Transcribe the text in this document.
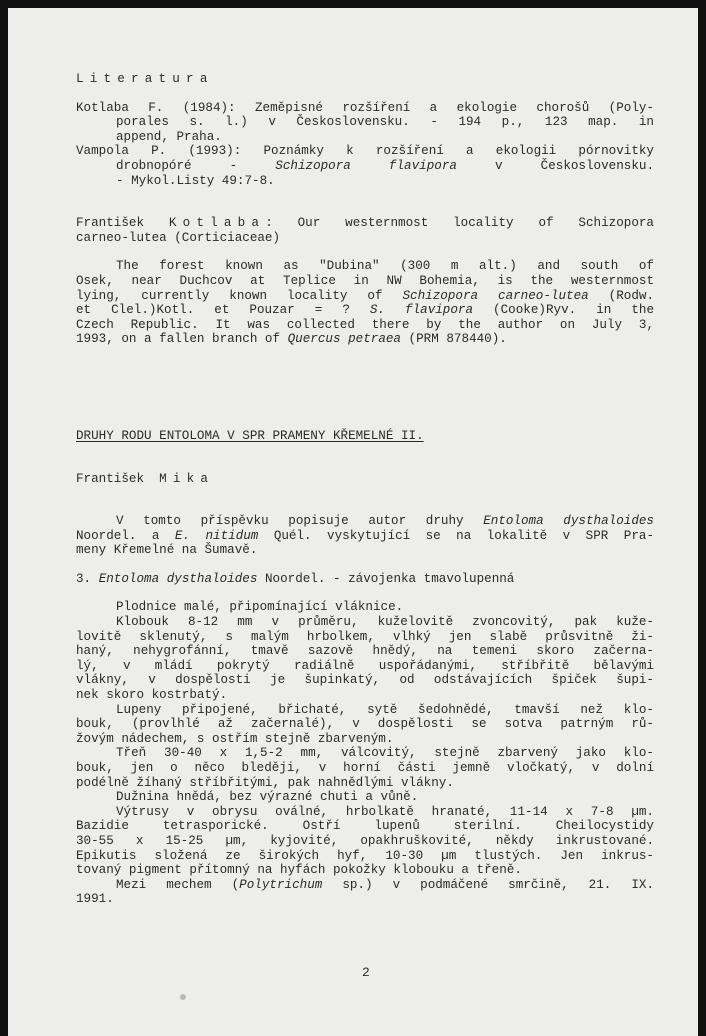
Literatura
Kotlaba F. (1984): Zeměpisné rozšíření a ekologie chorošů (Poly-
porales s. l.) v Československu. - 194 p., 123 map. in
append, Praha.
Vampola P. (1993): Poznámky k rozšíření a ekologii pórnovitky
drobnopóré - Schizopora flavipora v Československu.
- Mykol.Listy 49:7-8.
František Kotlaba: Our westernmost locality of Schizopora
carneo-lutea (Corticiaceae)
The forest known as "Dubina" (300 m alt.) and south of
Osek, near Duchcov at Teplice in NW Bohemia, is the westernmost
lying, currently known locality of Schizopora carneo-lutea (Rodw.
et Clel.)Kotl. et Pouzar = ? S. flavipora (Cooke)Ryv. in the
Czech Republic. It was collected there by the author on July 3,
1993, on a fallen branch of Quercus petraea (PRM 878440).
DRUHY RODU ENTOLOMA V SPR PRAMENY KŘEMELNÉ II.
František Mika
V tomto příspěvku popisuje autor druhy Entoloma dysthaloides
Noordel. a E. nitidum Quél. vyskytující se na lokalitě v SPR Pra-
meny Křemelné na Šumavě.
3. Entoloma dysthaloides Noordel. - závojenka tmavolupenná
Plodnice malé, připomínající vláknice.
Klobouk 8-12 mm v průměru, kuželovitě zvoncovitý, pak kuže-
lovitě sklenutý, s malým hrbolkem, vlhký jen slabě průsvitně ži-
haný, nehygrofánní, tmavě sazově hnědý, na temeni skoro začerna-
lý, v mládí pokrytý radiálně uspořádanými, stříbřitě bělavými
vlákny, v dospělosti je šupinkatý, od odstávajících špiček šupi-
nek skoro kostrbatý.
Lupeny připojené, břichaté, sytě šedohnědé, tmavší než klo-
bouk, (provlhlé až začernalé), v dospělosti se sotva patrným rů-
žovým nádechem, s ostřím stejně zbarveným.
Třeň 30-40 x 1,5-2 mm, válcovitý, stejně zbarvený jako klo-
bouk, jen o něco bleději, v horní části jemně vločkatý, v dolní
podélně žíhaný stříbřitými, pak nahnědlými vlákny.
Dužnina hnědá, bez výrazné chuti a vůně.
Výtrusy v obrysu oválné, hrbolkatě hranaté, 11-14 x 7-8 µm.
Bazidie tetrasporické. Ostří lupenů sterilní. Cheilocystidy
30-55 x 15-25 µm, kyjovité, opakhruškovité, někdy inkrustované.
Epikutis složená ze širokých hyf, 10-30 µm tlustých. Jen inkrus-
tovaný pigment přítomný na hyfách pokožky klobouku a třeně.
Mezi mechem (Polytrichum sp.) v podmáčené smrčině, 21. IX.
1991.
2
